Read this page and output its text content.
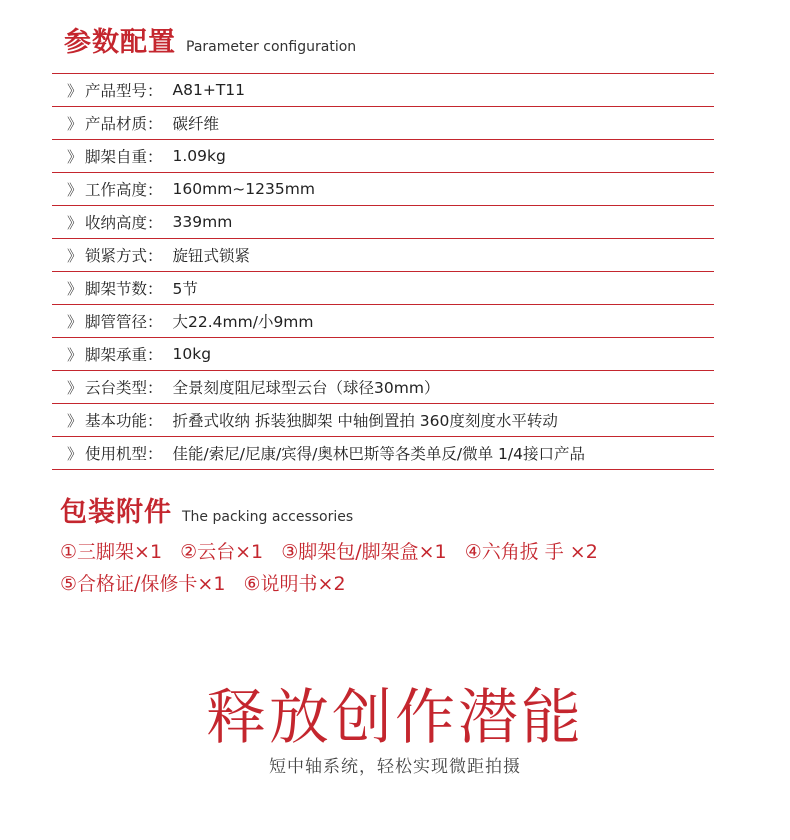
参数配置 Parameter configuration
》 产品型号： A81+T11
》 产品材质： 碳纤维
》 脚架自重： 1.09kg
》 工作高度： 160mm~1235mm
》 收纳高度： 339mm
》 锁紧方式： 旋钮式锁紧
》 脚架节数： 5节
》 脚管管径： 大22.4mm/小9mm
》 脚架承重： 10kg
》 云台类型： 全景刻度阻尼球型云台（球径30mm）
》 基本功能： 折叠式收纳 拆装独脚架 中轴倒置拍 360度刻度水平转动
》 使用机型： 佳能/索尼/尼康/宾得/奥林巴斯等各类单反/微单 1/4接口产品
包装附件 The packing accessories
①三脚架×1 ②云台×1 ③脚架包/脚架盒×1 ④六角扳 手 ×2
⑤合格证/保修卡×1 ⑥说明书×2
释放创作潜能
短中轴系统，轻松实现微距拍摄
